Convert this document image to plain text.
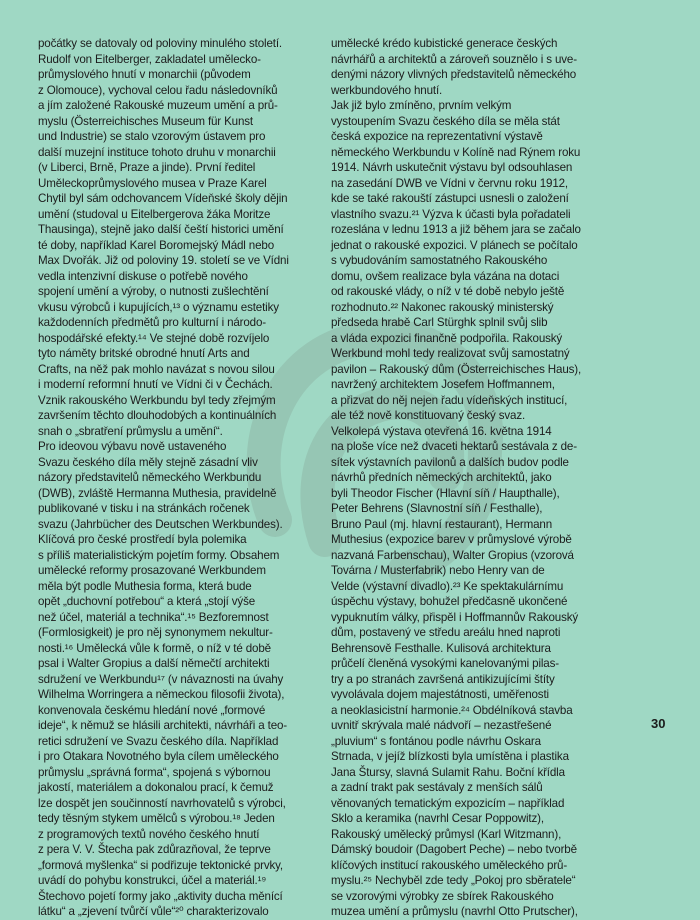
počátky se datovaly od poloviny minulého století.
Rudolf von Eitelberger, zakladatel umělecko-
průmyslového hnutí v monarchii (původem
z Olomouce), vychoval celou řadu následovníků
a jím založené Rakouské muzeum umění a prů-
myslu (Österreichisches Museum für Kunst
und Industrie) se stalo vzorovým ústavem pro
další muzejní instituce tohoto druhu v monarchii
(v Liberci, Brně, Praze a jinde). První ředitel
Uměleckoprůmyslového musea v Praze Karel
Chytil byl sám odchovancem Vídeňské školy dějin
umění (studoval u Eitelbergerova žáka Moritze
Thausinga), stejně jako další čeští historici umění
té doby, například Karel Boromejský Mádl nebo
Max Dvořák. Již od poloviny 19. století se ve Vídni
vedla intenzivní diskuse o potřebě nového
spojení umění a výroby, o nutnosti zušlechtění
vkusu výrobců i kupujících,¹³ o významu estetiky
každodenních předmětů pro kulturní i národo-
hospodářské efekty.¹⁴ Ve stejné době rozvíjelo
tyto náměty britské obrodné hnutí Arts and
Crafts, na něž pak mohlo navázat s novou silou
i moderní reformní hnutí ve Vídni či v Čechách.
Vznik rakouského Werkbundu byl tedy zřejmým
završením těchto dlouhodobých a kontinuálních
snah o „sbratření průmyslu a umění“.
Pro ideovou výbavu nově ustaveného
Svazu českého díla měly stejně zásadní vliv
názory představitelů německého Werkbundu
(DWB), zvláště Hermanna Muthesia, pravidelně
publikované v tisku i na stránkách ročenek
svazu (Jahrbücher des Deutschen Werkbundes).
Klíčová pro české prostředí byla polemika
s příliš materialistickým pojetím formy. Obsahem
umělecké reformy prosazované Werkbundem
měla být podle Muthesia forma, která bude
opět „duchovní potřebou“ a která „stojí výše
než účel, materiál a technika“.¹⁵ Bezforemnost
(Formlosigkeit) je pro něj synonymem nekultur-
nosti.¹⁶ Umělecká vůle k formě, o níž v té době
psal i Walter Gropius a další němečtí architekti
sdružení ve Werkbundu¹⁷ (v návaznosti na úvahy
Wilhelma Worringera a německou filosofii života),
konvenovala českému hledání nové „formové
ideje“, k němuž se hlásili architekti, návrháři a teo-
retici sdružení ve Svazu českého díla. Například
i pro Otakara Novotného byla cílem uměleckého
průmyslu „správná forma“, spojená s výbornou
jakostí, materiálem a dokonalou prací, k čemuž
lze dospět jen součinností navrhovatelů s výrobci,
tedy těsným stykem umělců s výrobou.¹⁸ Jeden
z programových textů nového českého hnutí
z pera V. V. Štecha pak zdůrazňoval, že teprve
„formová myšlenka“ si podřizuje tektonické prvky,
uvádí do pohybu konstrukci, účel a materiál.¹⁹
Štechovo pojetí formy jako „aktivity ducha měnící
látku“ a „zjevení tvůrčí vůle“²⁰ charakterizovalo
umělecké krédo kubistické generace českých
návrhářů a architektů a zároveň souznělo i s uve-
denými názory vlivných představitelů německého
werkbundového hnutí.
Jak již bylo zmíněno, prvním velkým
vystoupením Svazu českého díla se měla stát
česká expozice na reprezentativní výstavě
německého Werkbundu v Kolíně nad Rýnem roku
1914. Návrh uskutečnit výstavu byl odsouhlasen
na zasedání DWB ve Vídni v červnu roku 1912,
kde se také rakouští zástupci usnesli o založení
vlastního svazu.²¹ Výzva k účasti byla pořadateli
rozeslána v lednu 1913 a již během jara se začalo
jednat o rakouské expozici. V plánech se počítalo
s vybudováním samostatného Rakouského
domu, ovšem realizace byla vázána na dotaci
od rakouské vlády, o níž v té době nebylo ještě
rozhodnuto.²² Nakonec rakouský ministerský
předseda hrabě Carl Stürghk splnil svůj slib
a vláda expozici finančně podpořila. Rakouský
Werkbund mohl tedy realizovat svůj samostatný
pavilon – Rakouský dům (Österreichisches Haus),
navržený architektem Josefem Hoffmannem,
a přizvat do něj nejen řadu vídeňských institucí,
ale též nově konstituovaný český svaz.
Velkolepá výstava otevřená 16. května 1914
na ploše více než dvaceti hektarů sestávala z de-
sítek výstavních pavilonů a dalších budov podle
návrhů předních německých architektů, jako
byli Theodor Fischer (Hlavní síň / Haupthalle),
Peter Behrens (Slavnostní síň / Festhalle),
Bruno Paul (mj. hlavní restaurant), Hermann
Muthesius (expozice barev v průmyslové výrobě
nazvaná Farbenschau), Walter Gropius (vzorová
Továrna / Musterfabrik) nebo Henry van de
Velde (výstavní divadlo).²³ Ke spektakulárnímu
úspěchu výstavy, bohužel předčasně ukončené
vypuknutím války, přispěl i Hoffmannův Rakouský
dům, postavený ve středu areálu hned naproti
Behrensově Festhalle. Kulisová architektura
průčelí členěná vysokými kanelovanými pilas-
try a po stranách završená antikizujícími štíty
vyvolávala dojem majestátnosti, uměřenosti
a neoklasicistní harmonie.²⁴ Obdélníková stavba
uvnitř skrývala malé nádvoří – nezastřešené
„pluvium“ s fontánou podle návrhu Oskara
Strnada, v jejíž blízkosti byla umístěna i plastika
Jana Štursy, slavná Sulamit Rahu. Boční křídla
a zadní trakt pak sestávaly z menších sálů
věnovaných tematickým expozicím – například
Sklo a keramika (navrhl Cesar Poppowitz),
Rakouský umělecký průmysl (Karl Witzmann),
Dámský boudoir (Dagobert Peche) – nebo tvorbě
klíčových institucí rakouského uměleckého prů-
myslu.²⁵ Nechyběl zde tedy „Pokoj pro sběratele“
se vzorovými výrobky ze sbírek Rakouského
muzea umění a průmyslu (navrhl Otto Prutscher),
30
